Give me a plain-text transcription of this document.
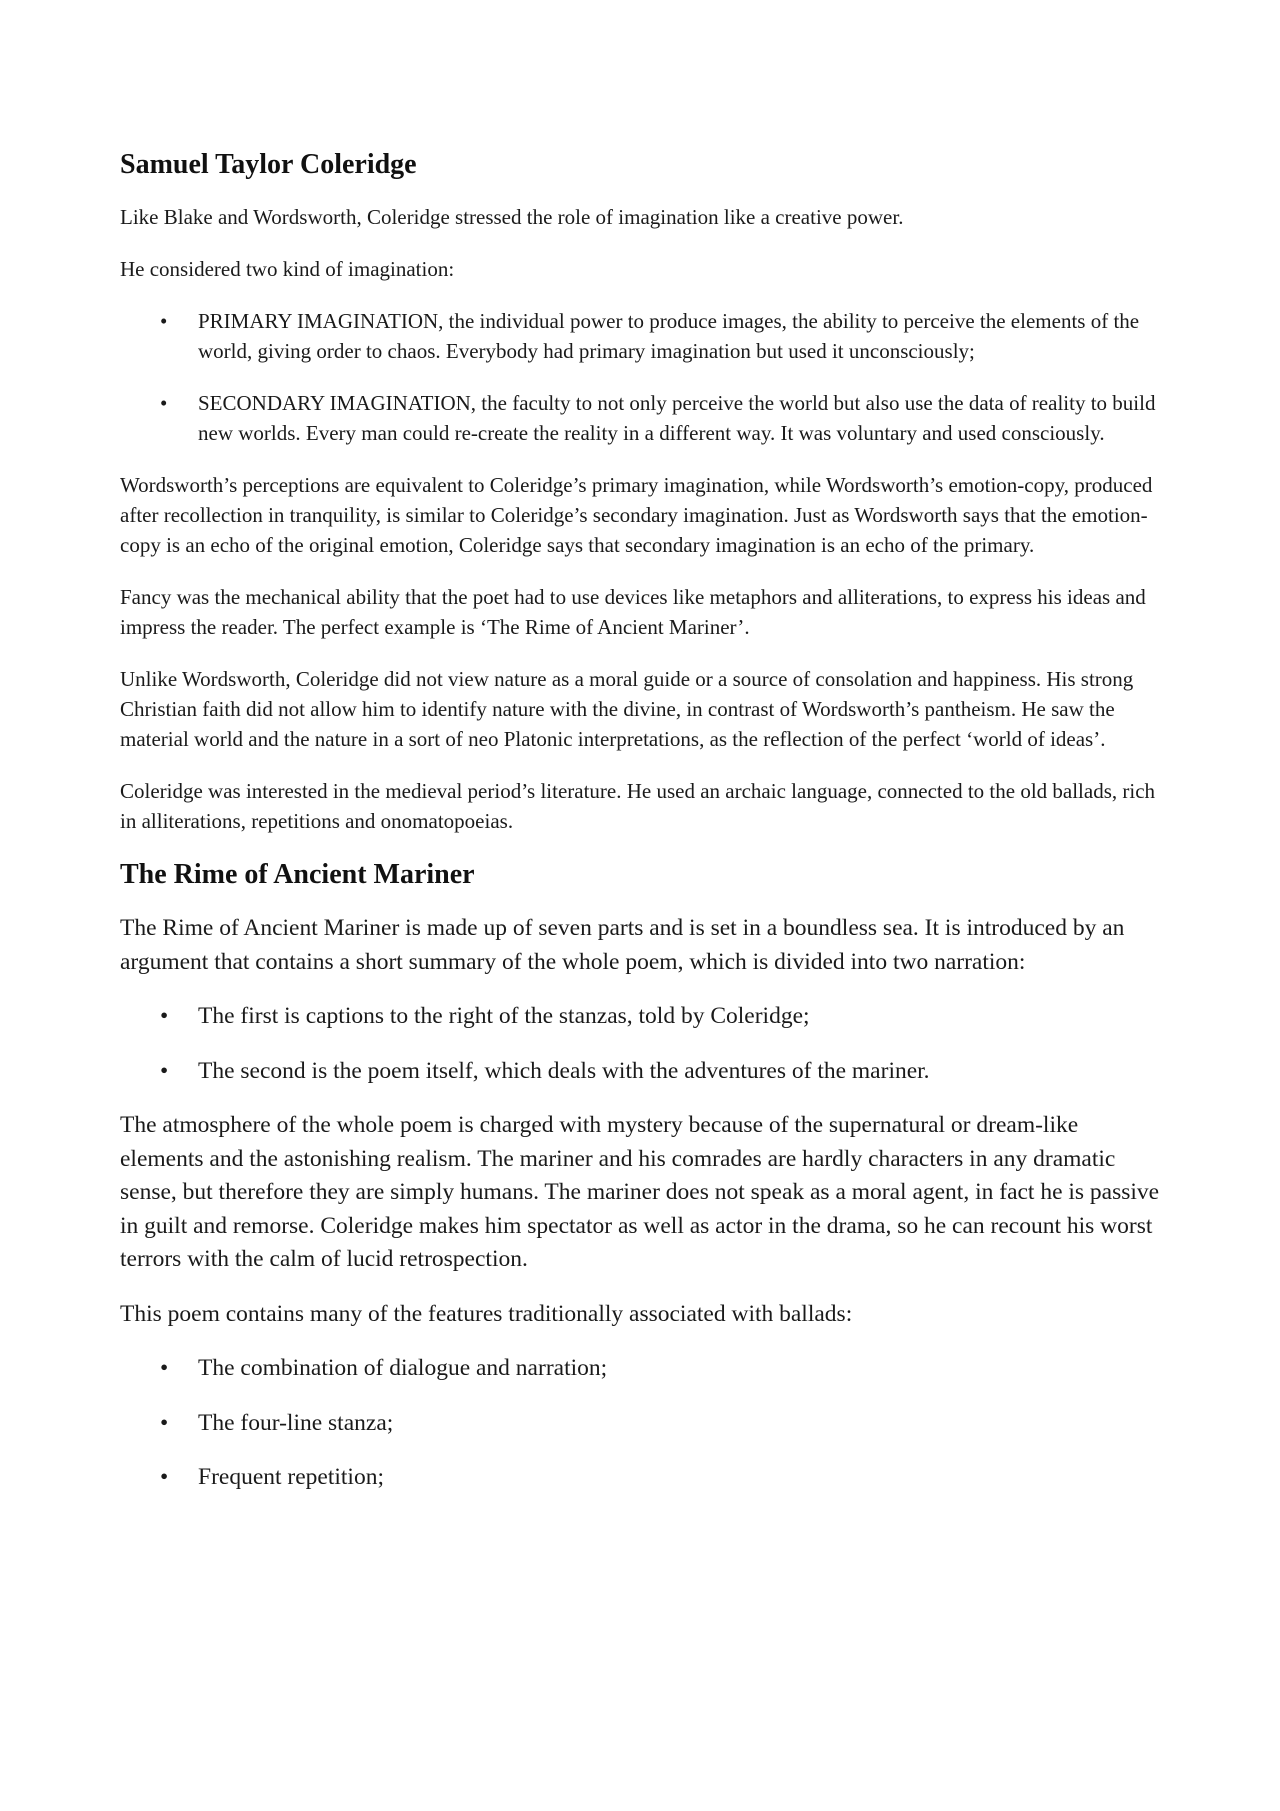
Samuel Taylor Coleridge

Like Blake and Wordsworth, Coleridge stressed the role of imagination like a creative power.

He considered two kind of imagination:

• PRIMARY IMAGINATION, the individual power to produce images, the ability to perceive the elements of the world, giving order to chaos. Everybody had primary imagination but used it unconsciously;
• SECONDARY IMAGINATION, the faculty to not only perceive the world but also use the data of reality to build new worlds. Every man could re-create the reality in a different way. It was voluntary and used consciously.

Wordsworth’s perceptions are equivalent to Coleridge’s primary imagination, while Wordsworth’s emotion-copy, produced after recollection in tranquility, is similar to Coleridge’s secondary imagination. Just as Wordsworth says that the emotion-copy is an echo of the original emotion, Coleridge says that secondary imagination is an echo of the primary.

Fancy was the mechanical ability that the poet had to use devices like metaphors and alliterations, to express his ideas and impress the reader. The perfect example is ‘The Rime of Ancient Mariner’.

Unlike Wordsworth, Coleridge did not view nature as a moral guide or a source of consolation and happiness. His strong Christian faith did not allow him to identify nature with the divine, in contrast of Wordsworth’s pantheism. He saw the material world and the nature in a sort of neo Platonic interpretations, as the reflection of the perfect ‘world of ideas’.

Coleridge was interested in the medieval period’s literature. He used an archaic language, connected to the old ballads, rich in alliterations, repetitions and onomatopoeias.

The Rime of Ancient Mariner

The Rime of Ancient Mariner is made up of seven parts and is set in a boundless sea. It is introduced by an argument that contains a short summary of the whole poem, which is divided into two narration:

• The first is captions to the right of the stanzas, told by Coleridge;
• The second is the poem itself, which deals with the adventures of the mariner.

The atmosphere of the whole poem is charged with mystery because of the supernatural or dream-like elements and the astonishing realism. The mariner and his comrades are hardly characters in any dramatic sense, but therefore they are simply humans. The mariner does not speak as a moral agent, in fact he is passive in guilt and remorse. Coleridge makes him spectator as well as actor in the drama, so he can recount his worst terrors with the calm of lucid retrospection.

This poem contains many of the features traditionally associated with ballads:

• The combination of dialogue and narration;
• The four-line stanza;
• Frequent repetition;
